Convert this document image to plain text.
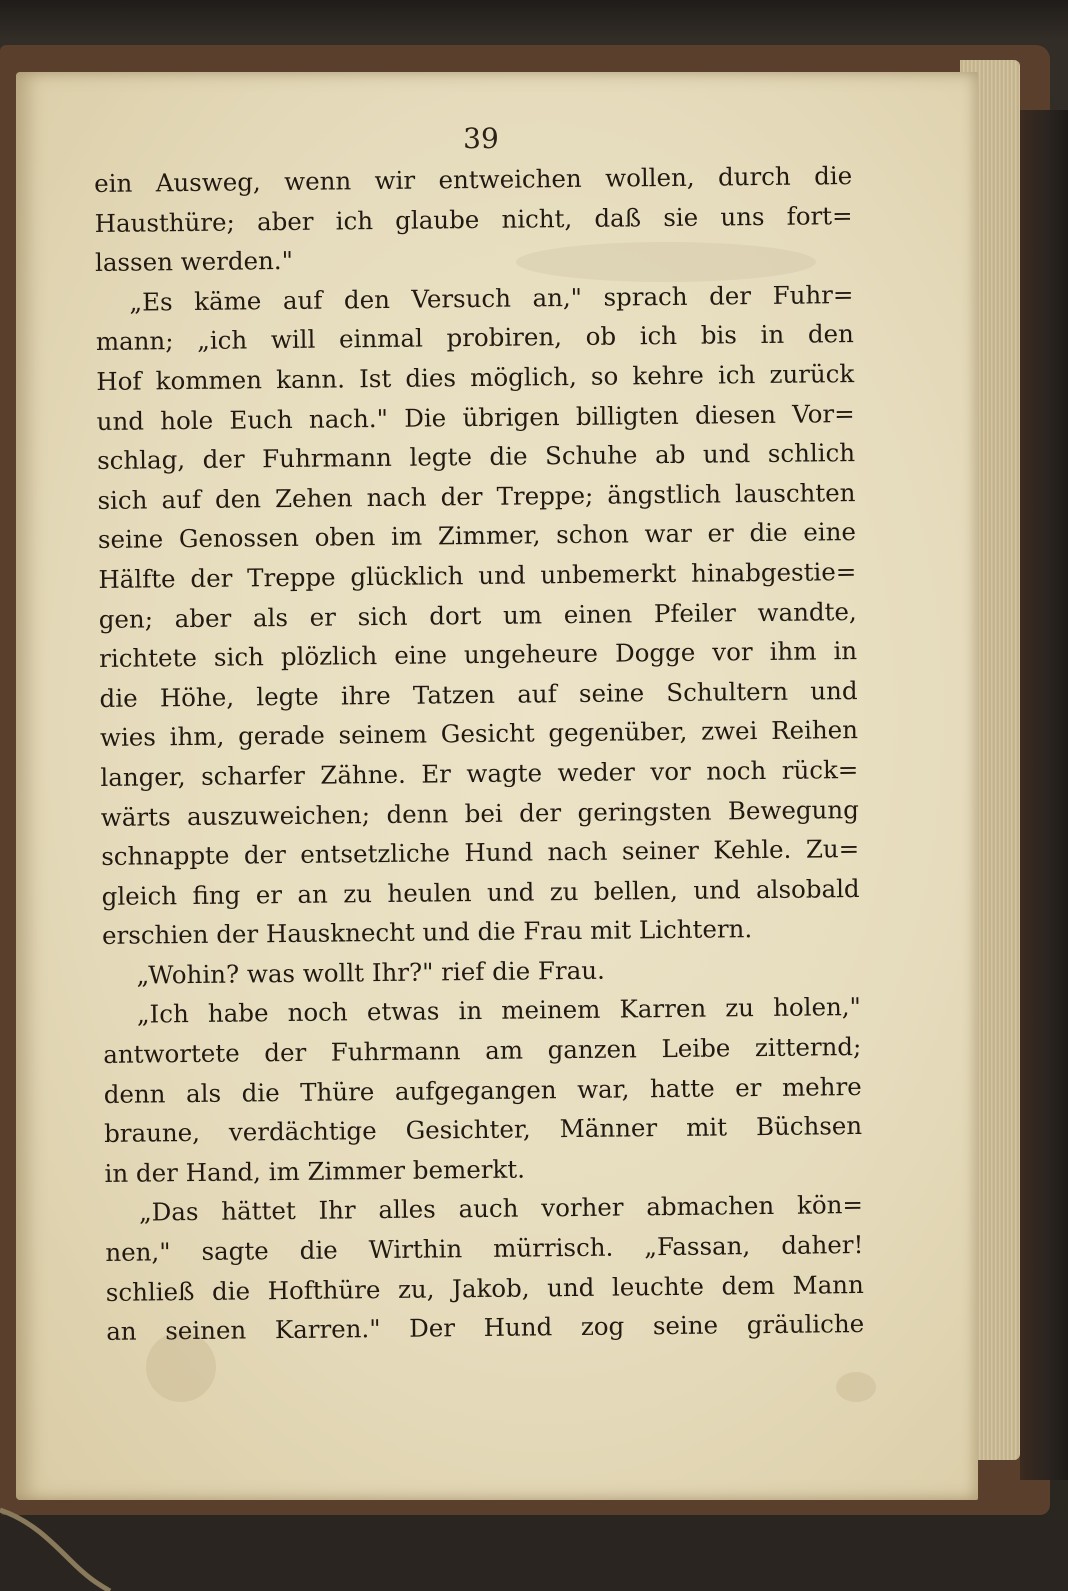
39
ein Ausweg, wenn wir entweichen wollen, durch die
Hausthüre; aber ich glaube nicht, daß sie uns fort=
lassen werden."
„Es käme auf den Versuch an," sprach der Fuhr=
mann; „ich will einmal probiren, ob ich bis in den
Hof kommen kann. Ist dies möglich, so kehre ich zurück
und hole Euch nach." Die übrigen billigten diesen Vor=
schlag, der Fuhrmann legte die Schuhe ab und schlich
sich auf den Zehen nach der Treppe; ängstlich lauschten
seine Genossen oben im Zimmer, schon war er die eine
Hälfte der Treppe glücklich und unbemerkt hinabgestie=
gen; aber als er sich dort um einen Pfeiler wandte,
richtete sich plözlich eine ungeheure Dogge vor ihm in
die Höhe, legte ihre Tatzen auf seine Schultern und
wies ihm, gerade seinem Gesicht gegenüber, zwei Reihen
langer, scharfer Zähne. Er wagte weder vor noch rück=
wärts auszuweichen; denn bei der geringsten Bewegung
schnappte der entsetzliche Hund nach seiner Kehle. Zu=
gleich fing er an zu heulen und zu bellen, und alsobald
erschien der Hausknecht und die Frau mit Lichtern.
„Wohin? was wollt Ihr?" rief die Frau.
„Ich habe noch etwas in meinem Karren zu holen,"
antwortete der Fuhrmann am ganzen Leibe zitternd;
denn als die Thüre aufgegangen war, hatte er mehre
braune, verdächtige Gesichter, Männer mit Büchsen
in der Hand, im Zimmer bemerkt.
„Das hättet Ihr alles auch vorher abmachen kön=
nen," sagte die Wirthin mürrisch. „Fassan, daher!
schließ die Hofthüre zu, Jakob, und leuchte dem Mann
an seinen Karren." Der Hund zog seine gräuliche
